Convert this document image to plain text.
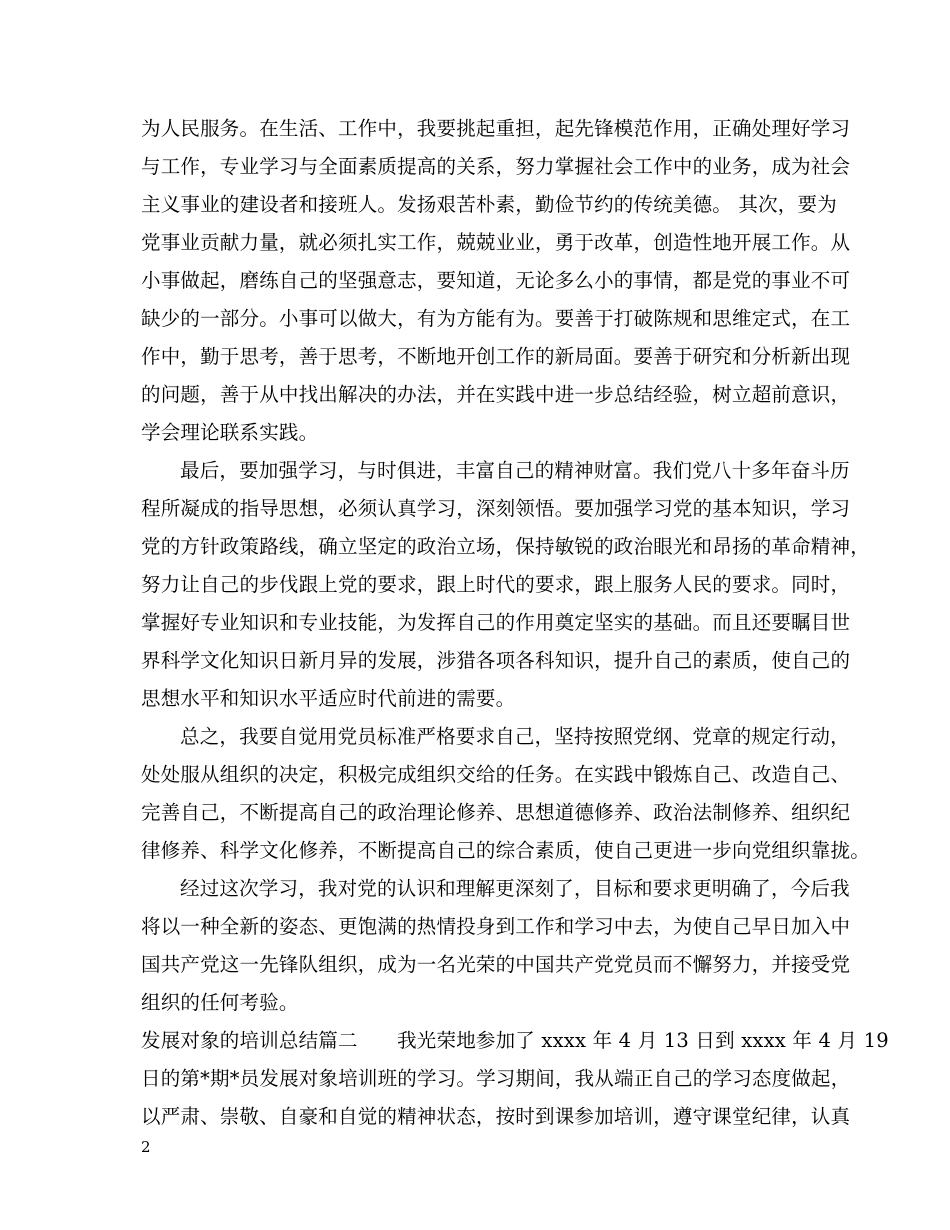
为人民服务。在生活、工作中，我要挑起重担，起先锋模范作用，正确处理好学习
与工作，专业学习与全面素质提高的关系，努力掌握社会工作中的业务，成为社会
主义事业的建设者和接班人。发扬艰苦朴素，勤俭节约的传统美德。 其次，要为
党事业贡献力量，就必须扎实工作，兢兢业业，勇于改革，创造性地开展工作。从
小事做起，磨练自己的坚强意志，要知道，无论多么小的事情，都是党的事业不可
缺少的一部分。小事可以做大，有为方能有为。要善于打破陈规和思维定式，在工
作中，勤于思考，善于思考，不断地开创工作的新局面。要善于研究和分析新出现
的问题，善于从中找出解决的办法，并在实践中进一步总结经验，树立超前意识，
学会理论联系实践。
最后，要加强学习，与时俱进，丰富自己的精神财富。我们党八十多年奋斗历
程所凝成的指导思想，必须认真学习，深刻领悟。要加强学习党的基本知识，学习
党的方针政策路线，确立坚定的政治立场，保持敏锐的政治眼光和昂扬的革命精神，
努力让自己的步伐跟上党的要求，跟上时代的要求，跟上服务人民的要求。同时，
掌握好专业知识和专业技能，为发挥自己的作用奠定坚实的基础。而且还要瞩目世
界科学文化知识日新月异的发展，涉猎各项各科知识，提升自己的素质，使自己的
思想水平和知识水平适应时代前进的需要。
总之，我要自觉用党员标准严格要求自己，坚持按照党纲、党章的规定行动，
处处服从组织的决定，积极完成组织交给的任务。在实践中锻炼自己、改造自己、
完善自己，不断提高自己的政治理论修养、思想道德修养、政治法制修养、组织纪
律修养、科学文化修养，不断提高自己的综合素质，使自己更进一步向党组织靠拢。
经过这次学习，我对党的认识和理解更深刻了，目标和要求更明确了，今后我
将以一种全新的姿态、更饱满的热情投身到工作和学习中去，为使自己早日加入中
国共产党这一先锋队组织，成为一名光荣的中国共产党党员而不懈努力，并接受党
组织的任何考验。
发展对象的培训总结篇二　　我光荣地参加了 xxxx 年 4 月 13 日到 xxxx 年 4 月 19
日的第*期*员发展对象培训班的学习。学习期间，我从端正自己的学习态度做起，
以严肃、崇敬、自豪和自觉的精神状态，按时到课参加培训，遵守课堂纪律，认真
2
